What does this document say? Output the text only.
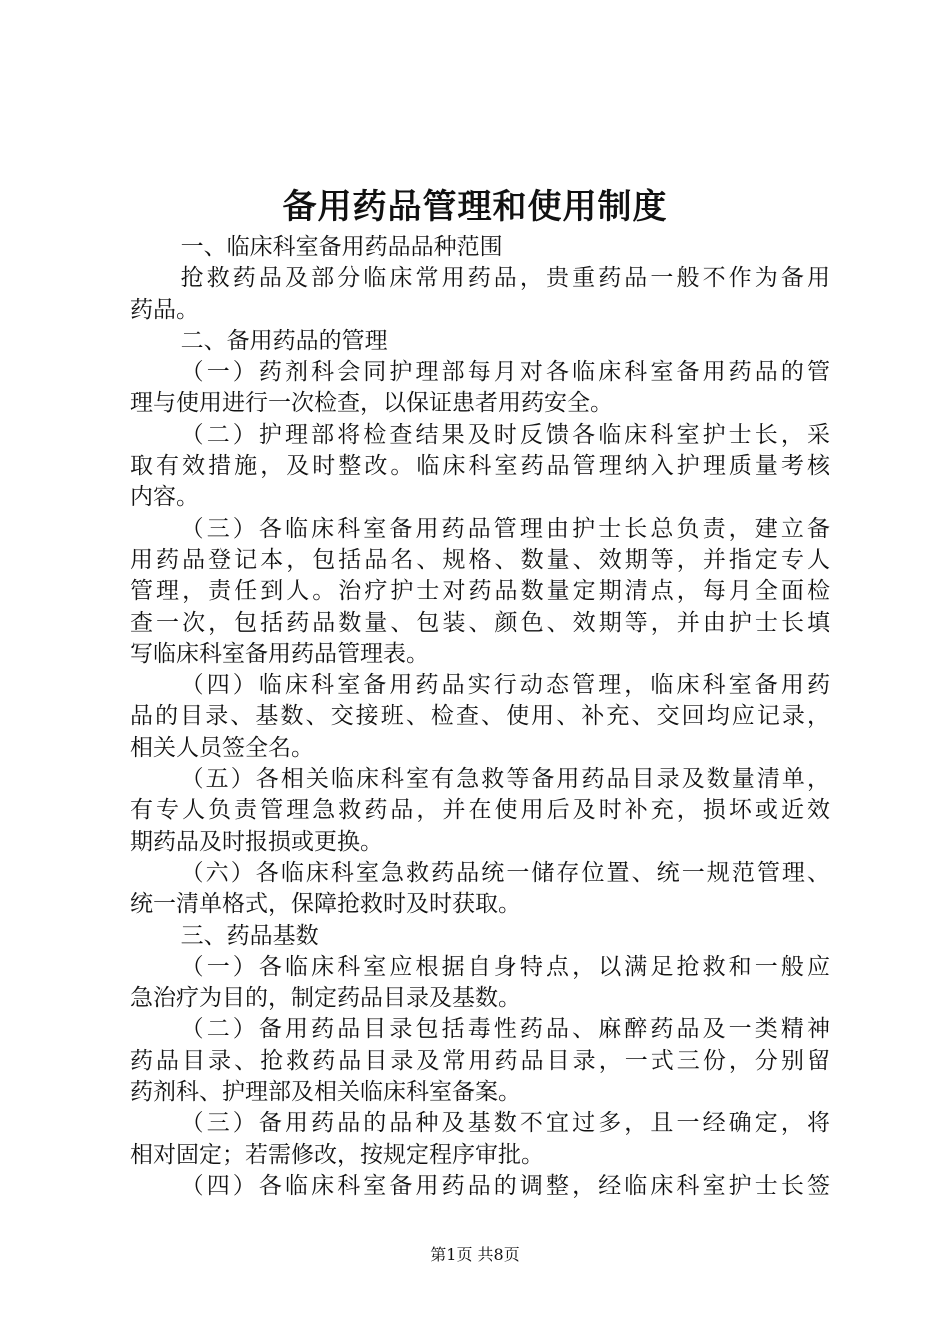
备用药品管理和使用制度
一、临床科室备用药品品种范围
抢救药品及部分临床常用药品，贵重药品一般不作为备用
药品。
二、备用药品的管理
（一）药剂科会同护理部每月对各临床科室备用药品的管
理与使用进行一次检查，以保证患者用药安全。
（二）护理部将检查结果及时反馈各临床科室护士长，采
取有效措施，及时整改。临床科室药品管理纳入护理质量考核
内容。
（三）各临床科室备用药品管理由护士长总负责，建立备
用药品登记本，包括品名、规格、数量、效期等，并指定专人
管理，责任到人。治疗护士对药品数量定期清点，每月全面检
查一次，包括药品数量、包装、颜色、效期等，并由护士长填
写临床科室备用药品管理表。
（四）临床科室备用药品实行动态管理，临床科室备用药
品的目录、基数、交接班、检查、使用、补充、交回均应记录，
相关人员签全名。
（五）各相关临床科室有急救等备用药品目录及数量清单，
有专人负责管理急救药品，并在使用后及时补充，损坏或近效
期药品及时报损或更换。
（六）各临床科室急救药品统一储存位置、统一规范管理、
统一清单格式，保障抢救时及时获取。
三、药品基数
（一）各临床科室应根据自身特点，以满足抢救和一般应
急治疗为目的，制定药品目录及基数。
（二）备用药品目录包括毒性药品、麻醉药品及一类精神
药品目录、抢救药品目录及常用药品目录，一式三份，分别留
药剂科、护理部及相关临床科室备案。
（三）备用药品的品种及基数不宜过多，且一经确定，将
相对固定；若需修改，按规定程序审批。
（四）各临床科室备用药品的调整，经临床科室护士长签
第1页 共8页
